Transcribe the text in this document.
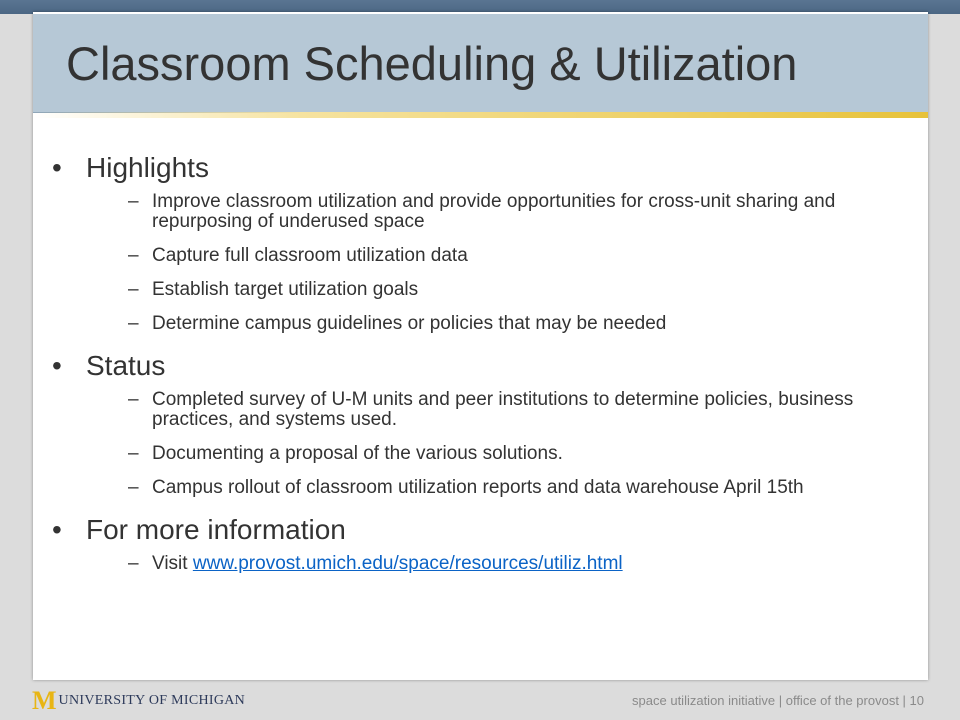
Classroom Scheduling & Utilization
• Highlights
– Improve classroom utilization and provide opportunities for cross-unit sharing and repurposing of underused space
– Capture full classroom utilization data
– Establish target utilization goals
– Determine campus guidelines or policies that may be needed
• Status
– Completed survey of U-M units and peer institutions to determine policies, business practices, and systems used.
– Documenting a proposal of the various solutions.
– Campus rollout of classroom utilization reports and data warehouse April 15th
• For more information
– Visit www.provost.umich.edu/space/resources/utiliz.html
M UNIVERSITY OF MICHIGAN	space utilization initiative | office of the provost | 10
